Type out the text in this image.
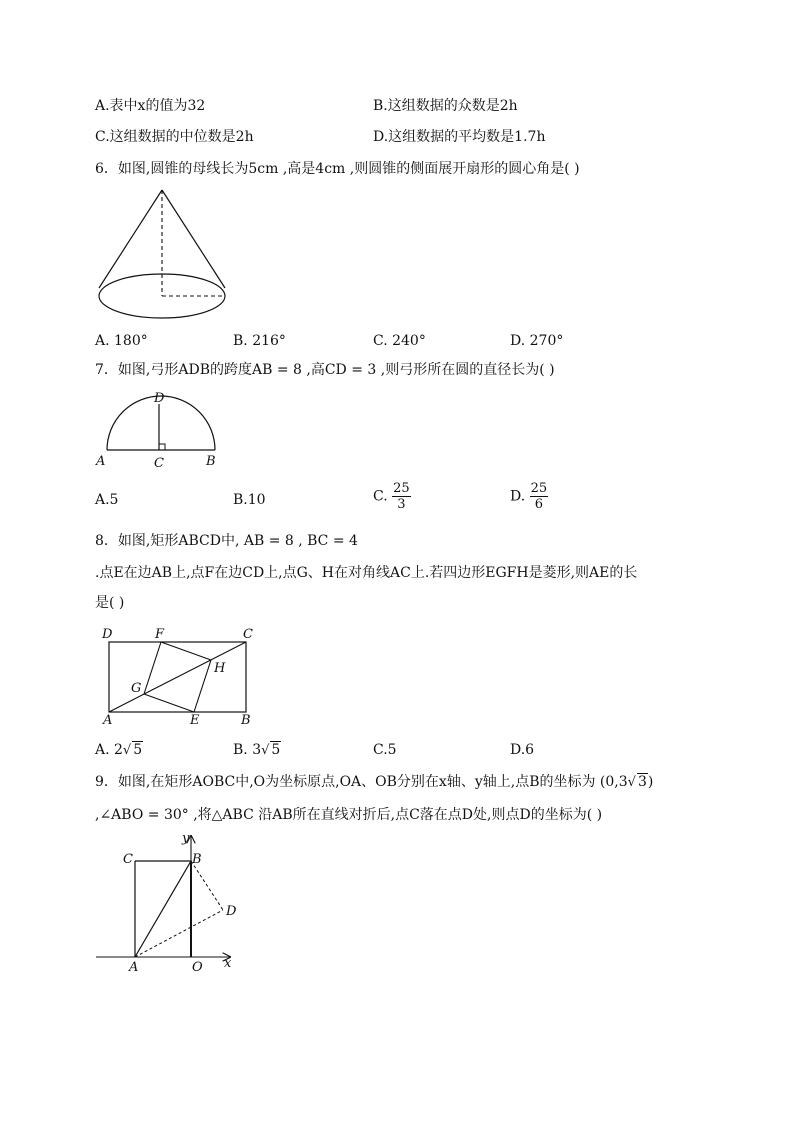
A.表中x的值为32	B.这组数据的众数是2h
C.这组数据的中位数是2h	D.这组数据的平均数是1.7h
6．如图,圆锥的母线长为5cm ,高是4cm ,则圆锥的侧面展开扇形的圆心角是( )
A. 180°	B. 216°	C. 240°	D. 270°
7．如图,弓形ADB的跨度AB = 8 ,高CD = 3 ,则弓形所在圆的直径长为( )
D
A	C	B
A.5	B.10	C. $\frac{25}{3}$	D. $\frac{25}{6}$
8．如图,矩形ABCD中, AB = 8 , BC = 4
.点E在边AB上,点F在边CD上,点G、H在对角线AC上.若四边形EGFH是菱形,则AE的长
是( )
D	F	C
H
G
A	E	B
A. 2√ 5	B. 3√ 5	C.5	D.6
9．如图,在矩形AOBC中,O为坐标原点,OA、OB分别在x轴、y轴上,点B的坐标为 (0,3√ 3)
,∠ABO = 30° ,将△ABC 沿AB所在直线对折后,点C落在点D处,则点D的坐标为( )
y
C	B
D
A	O x
